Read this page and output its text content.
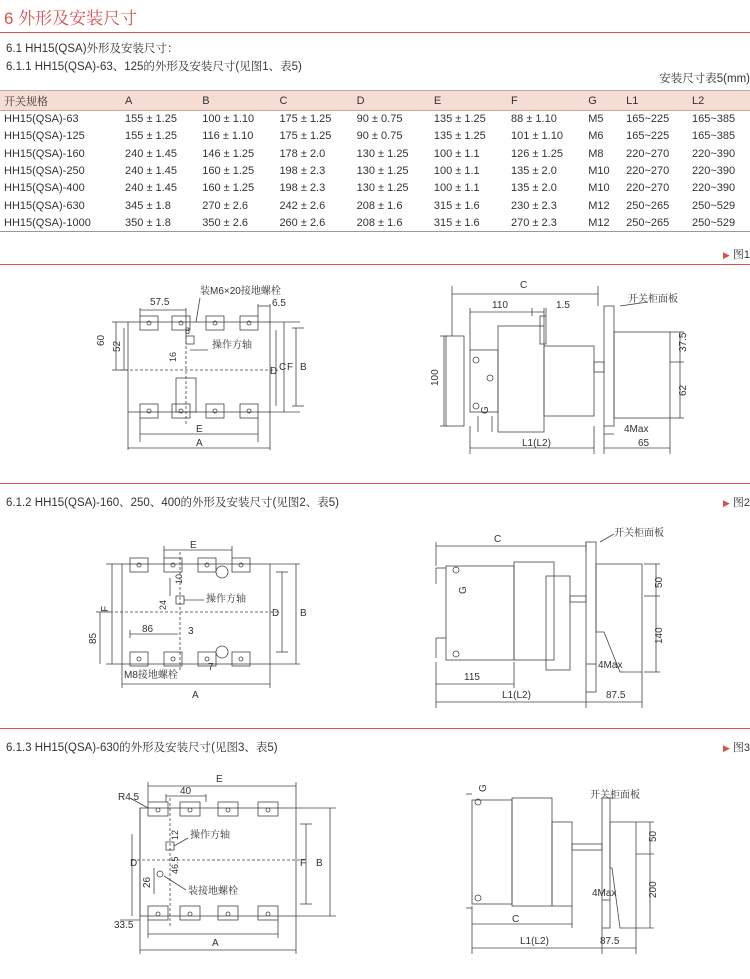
6 外形及安装尺寸
6.1 HH15(QSA)外形及安装尺寸：
6.1.1 HH15(QSA)-63、125的外形及安装尺寸(见图1、表5)
安装尺寸表5(mm)
开关规格	A	B	C	D	E	F	G	L1	L2
HH15(QSA)-63	155 ± 1.25	100 ± 1.10	175 ± 1.25	90 ± 0.75	135 ± 1.25	88 ± 1.10	M5	165~225	165~385
HH15(QSA)-125	155 ± 1.25	116 ± 1.10	175 ± 1.25	90 ± 0.75	135 ± 1.25	101 ± 1.10	M6	165~225	165~385
HH15(QSA)-160	240 ± 1.45	146 ± 1.25	178 ± 2.0	130 ± 1.25	100 ± 1.1	126 ± 1.25	M8	220~270	220~390
HH15(QSA)-250	240 ± 1.45	160 ± 1.25	198 ± 2.3	130 ± 1.25	100 ± 1.1	135 ± 2.0	M10	220~270	220~390
HH15(QSA)-400	240 ± 1.45	160 ± 1.25	198 ± 2.3	130 ± 1.25	100 ± 1.1	135 ± 2.0	M10	220~270	220~390
HH15(QSA)-630	345 ± 1.8	270 ± 2.6	242 ± 2.6	208 ± 1.6	315 ± 1.6	230 ± 2.3	M12	250~265	250~529
HH15(QSA)-1000	350 ± 1.8	350 ± 2.6	260 ± 2.6	208 ± 1.6	315 ± 1.6	270 ± 2.3	M12	250~265	250~529
▶ 图1
57.5
装M6×20接地螺栓
6.5
60
52
16
8
操作方轴
C F B
D
E
A
C
110	1.5
开关柜面板
37.5
100
62
G
4Max
L1(L2)	65
6.1.2 HH15(QSA)-160、250、400的外形及安装尺寸(见图2、表5)	▶ 图2
E
10
24	操作方轴
F
85
86	3
D B
7
M8接地螺栓
A
C
开关柜面板
G
50
140
4Max
115
L1(L2)	87.5
6.1.3 HH15(QSA)-630的外形及安装尺寸(见图3、表5)	▶ 图3
E
R4.5
40
12 操作方轴
D	46.5	F B
26
装接地螺栓
33.5
A
G
开关柜面板
50
200
4Max
C
L1(L2)	87.5
